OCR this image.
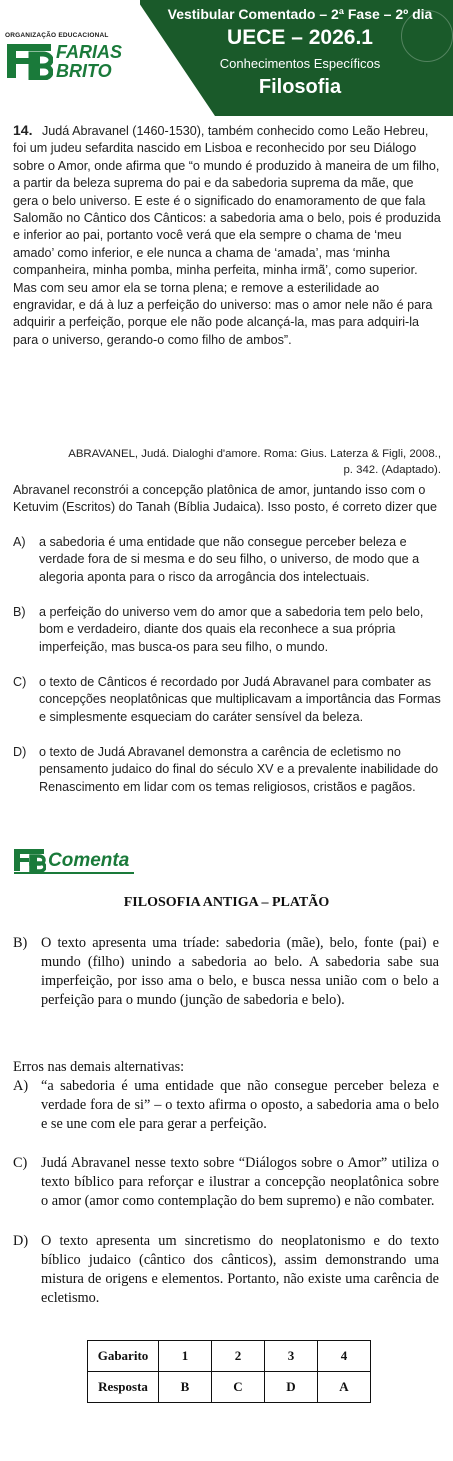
ORGANIZAÇÃO EDUCACIONAL
FARIAS
BRITO
Vestibular Comentado – 2ª Fase – 2º dia
UECE – 2026.1
Conhecimentos Específicos
Filosofia
14. Judá Abravanel (1460-1530), também conhecido como Leão Hebreu, foi um judeu sefardita nascido em Lisboa e reconhecido por seu Diálogo sobre o Amor, onde afirma que “o mundo é produzido à maneira de um filho, a partir da beleza suprema do pai e da sabedoria suprema da mãe, que gera o belo universo. E este é o significado do enamoramento de que fala Salomão no Cântico dos Cânticos: a sabedoria ama o belo, pois é produzida e inferior ao pai, portanto você verá que ela sempre o chama de ‘meu amado’ como inferior, e ele nunca a chama de ‘amada’, mas ‘minha companheira, minha pomba, minha perfeita, minha irmã’, como superior. Mas com seu amor ela se torna plena; e remove a esterilidade ao engravidar, e dá à luz a perfeição do universo: mas o amor nele não é para adquirir a perfeição, porque ele não pode alcançá-la, mas para adquiri-la para o universo, gerando-o como filho de ambos”.
ABRAVANEL, Judá. Dialoghi d'amore. Roma: Gius. Laterza & Figli, 2008.,
p. 342. (Adaptado).
Abravanel reconstrói a concepção platônica de amor, juntando isso com o Ketuvim (Escritos) do Tanah (Bíblia Judaica). Isso posto, é correto dizer que
A) a sabedoria é uma entidade que não consegue perceber beleza e verdade fora de si mesma e do seu filho, o universo, de modo que a alegoria aponta para o risco da arrogância dos intelectuais.
B) a perfeição do universo vem do amor que a sabedoria tem pelo belo, bom e verdadeiro, diante dos quais ela reconhece a sua própria imperfeição, mas busca-os para seu filho, o mundo.
C) o texto de Cânticos é recordado por Judá Abravanel para combater as concepções neoplatônicas que multiplicavam a importância das Formas e simplesmente esqueciam do caráter sensível da beleza.
D) o texto de Judá Abravanel demonstra a carência de ecletismo no pensamento judaico do final do século XV e a prevalente inabilidade do Renascimento em lidar com os temas religiosos, cristãos e pagãos.
Comenta
FILOSOFIA ANTIGA – PLATÃO
B) O texto apresenta uma tríade: sabedoria (mãe), belo, fonte (pai) e mundo (filho) unindo a sabedoria ao belo. A sabedoria sabe sua imperfeição, por isso ama o belo, e busca nessa união com o belo a perfeição para o mundo (junção de sabedoria e belo).
Erros nas demais alternativas:
A) “a sabedoria é uma entidade que não consegue perceber beleza e verdade fora de si” – o texto afirma o oposto, a sabedoria ama o belo e se une com ele para gerar a perfeição.
C) Judá Abravanel nesse texto sobre “Diálogos sobre o Amor” utiliza o texto bíblico para reforçar e ilustrar a concepção neoplatônica sobre o amor (amor como contemplação do bem supremo) e não combater.
D) O texto apresenta um sincretismo do neoplatonismo e do texto bíblico judaico (cântico dos cânticos), assim demonstrando uma mistura de origens e elementos. Portanto, não existe uma carência de ecletismo.
Gabarito	1	2	3	4
Resposta	B	C	D	A
